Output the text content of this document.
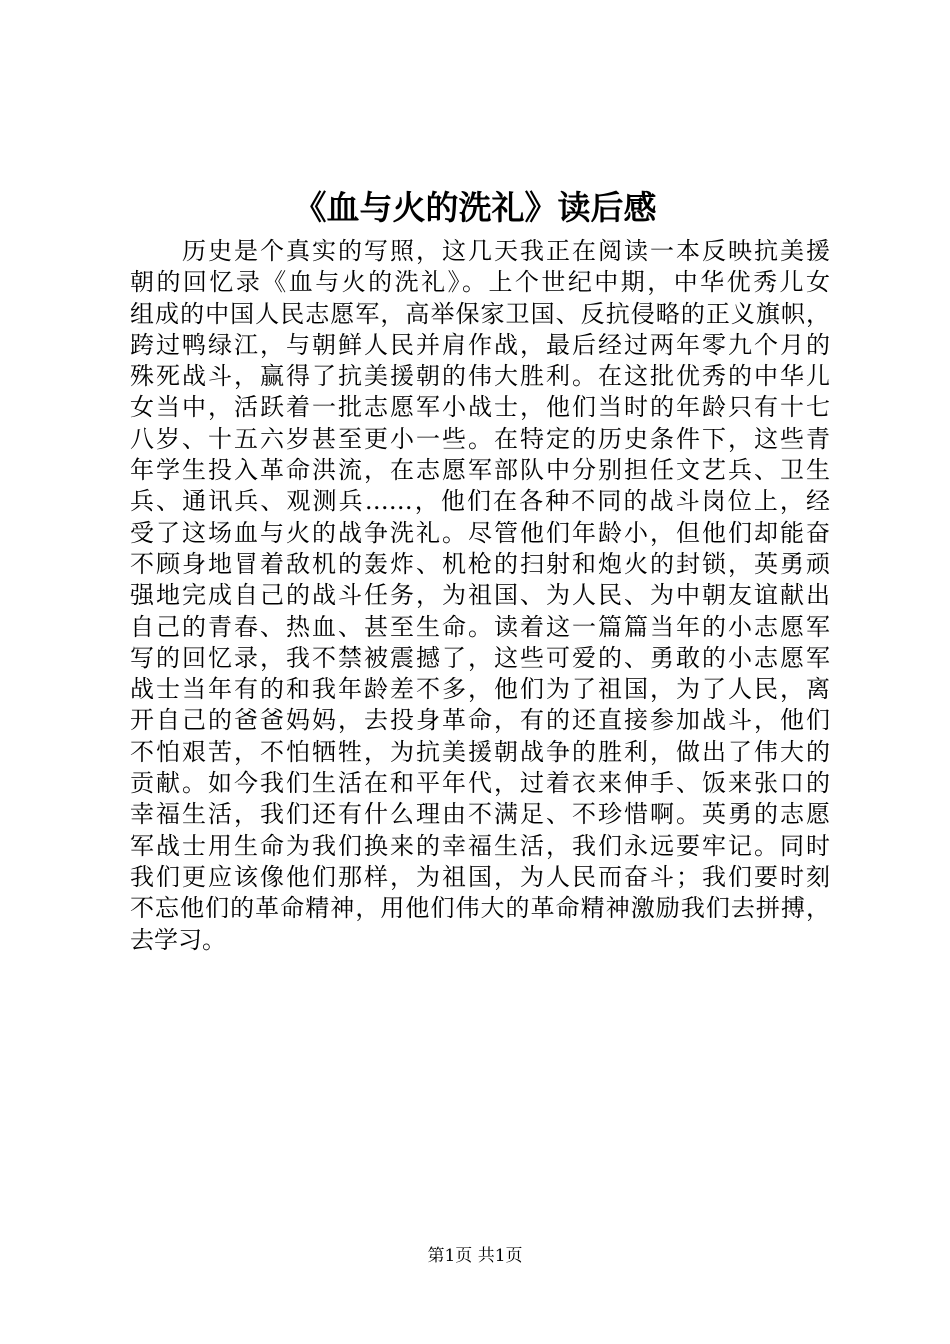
《血与火的洗礼》读后感
　　历史是个真实的写照，这几天我正在阅读一本反映抗美援
朝的回忆录《血与火的洗礼》。上个世纪中期，中华优秀儿女
组成的中国人民志愿军，高举保家卫国、反抗侵略的正义旗帜，
跨过鸭绿江，与朝鲜人民并肩作战，最后经过两年零九个月的
殊死战斗，赢得了抗美援朝的伟大胜利。在这批优秀的中华儿
女当中，活跃着一批志愿军小战士，他们当时的年龄只有十七
八岁、十五六岁甚至更小一些。在特定的历史条件下，这些青
年学生投入革命洪流，在志愿军部队中分别担任文艺兵、卫生
兵、通讯兵、观测兵……，他们在各种不同的战斗岗位上，经
受了这场血与火的战争洗礼。尽管他们年龄小，但他们却能奋
不顾身地冒着敌机的轰炸、机枪的扫射和炮火的封锁，英勇顽
强地完成自己的战斗任务，为祖国、为人民、为中朝友谊献出
自己的青春、热血、甚至生命。读着这一篇篇当年的小志愿军
写的回忆录，我不禁被震撼了，这些可爱的、勇敢的小志愿军
战士当年有的和我年龄差不多，他们为了祖国，为了人民，离
开自己的爸爸妈妈，去投身革命，有的还直接参加战斗，他们
不怕艰苦，不怕牺牲，为抗美援朝战争的胜利，做出了伟大的
贡献。如今我们生活在和平年代，过着衣来伸手、饭来张口的
幸福生活，我们还有什么理由不满足、不珍惜啊。英勇的志愿
军战士用生命为我们换来的幸福生活，我们永远要牢记。同时
我们更应该像他们那样，为祖国，为人民而奋斗；我们要时刻
不忘他们的革命精神，用他们伟大的革命精神激励我们去拼搏，
去学习。
第1页 共1页
